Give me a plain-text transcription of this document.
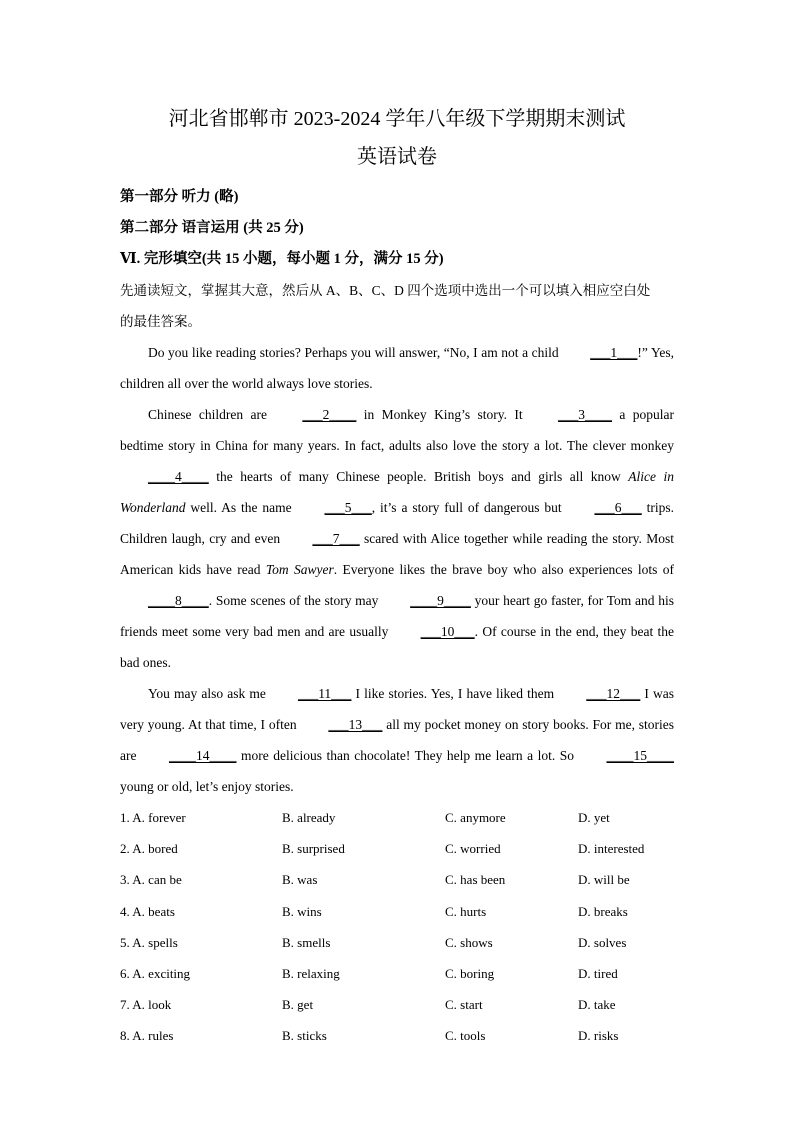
河北省邯郸市 2023-2024 学年八年级下学期期末测试
英语试卷

第一部分 听力 (略)

第二部分 语言运用 (共 25 分)

Ⅵ. 完形填空(共 15 小题，每小题 1 分，满分 15 分)

先通读短文，掌握其大意，然后从 A、B、C、D 四个选项中选出一个可以填入相应空白处

的最佳答案。

Do you like reading stories? Perhaps you will answer, “No, I am not a child ___1___!” Yes, children all over the world always love stories.

Chinese children are ___2____ in Monkey King’s story. It ___3____ a popular bedtime story in China for many years. In fact, adults also love the story a lot. The clever monkey ____4____ the hearts of many Chinese people. British boys and girls all know Alice in Wonderland well. As the name ___5___, it’s a story full of dangerous but ___6___ trips. Children laugh, cry and even ___7___ scared with Alice together while reading the story. Most American kids have read Tom Sawyer. Everyone likes the brave boy who also experiences lots of ____8____. Some scenes of the story may ____9____ your heart go faster, for Tom and his friends meet some very bad men and are usually ___10___. Of course in the end, they beat the bad ones.

You may also ask me ___11___ I like stories. Yes, I have liked them ___12___ I was very young. At that time, I often ___13___ all my pocket money on story books. For me, stories are ____14____ more delicious than chocolate! They help me learn a lot. So ____15____ young or old, let’s enjoy stories.

1. A. forever	B. already	C. anymore	D. yet
2. A. bored	B. surprised	C. worried	D. interested
3. A. can be	B. was	C. has been	D. will be
4. A. beats	B. wins	C. hurts	D. breaks
5. A. spells	B. smells	C. shows	D. solves
6. A. exciting	B. relaxing	C. boring	D. tired
7. A. look	B. get	C. start	D. take
8. A. rules	B. sticks	C. tools	D. risks
